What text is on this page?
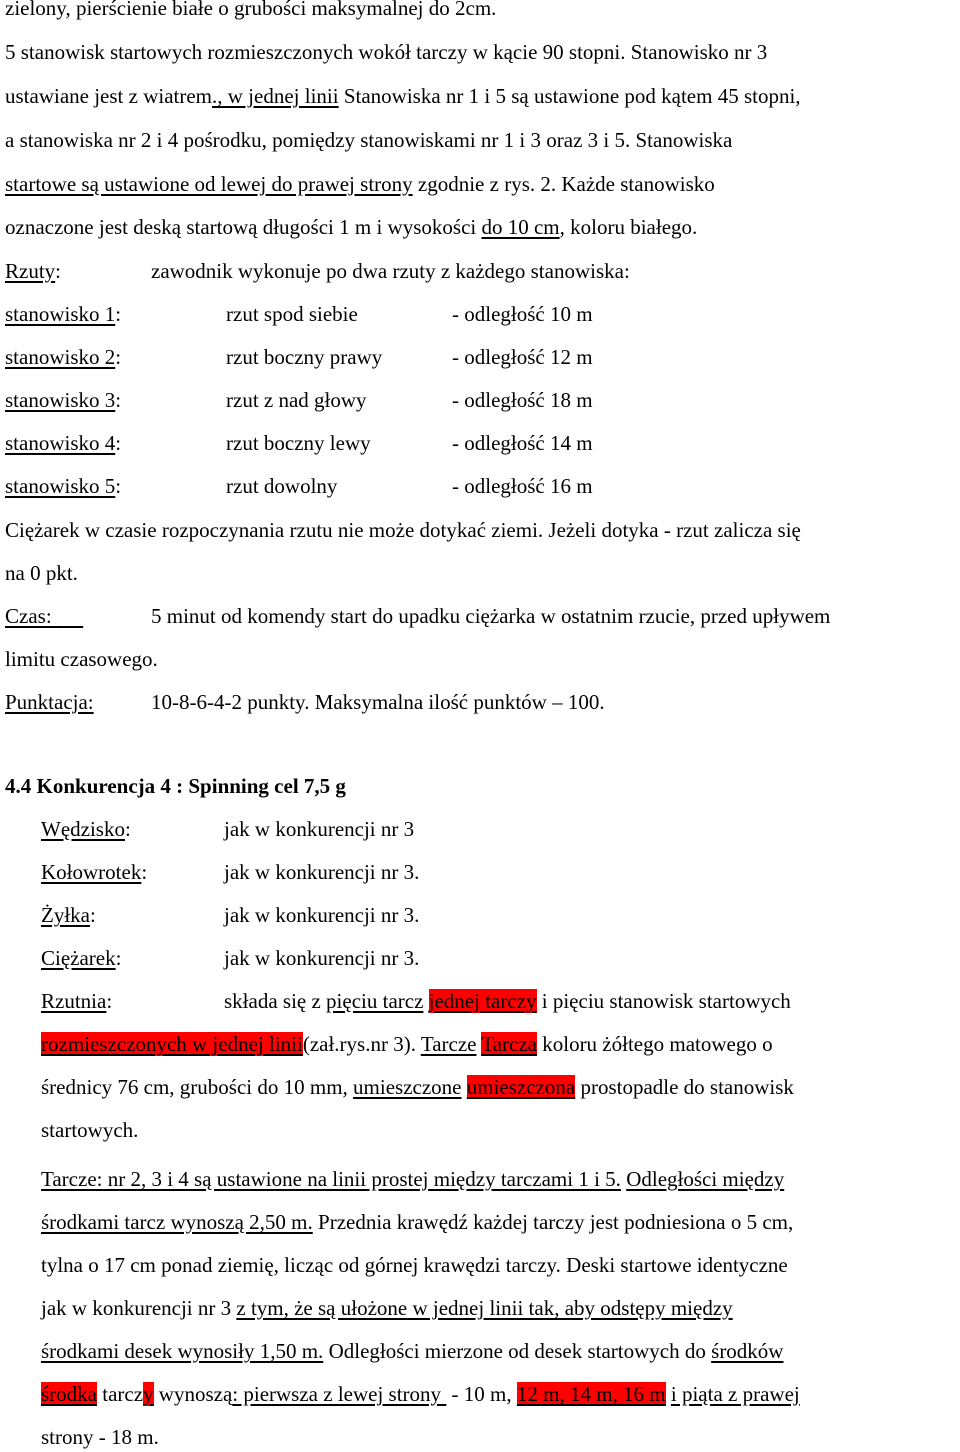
zielony, pierścienie białe o grubości maksymalnej do 2cm.
5 stanowisk startowych rozmieszczonych wokół tarczy w kącie 90 stopni. Stanowisko nr 3
ustawiane jest z wiatrem., w jednej linii Stanowiska nr 1 i 5 są ustawione pod kątem 45 stopni,
a stanowiska nr 2 i 4 pośrodku, pomiędzy stanowiskami nr 1 i 3 oraz 3 i 5. Stanowiska
startowe są ustawione od lewej do prawej strony zgodnie z rys. 2. Każde stanowisko
oznaczone jest deską startową długości 1 m i wysokości do 10 cm, koloru białego.
Rzuty:	zawodnik wykonuje po dwa rzuty z każdego stanowiska:
stanowisko 1:	rzut spod siebie	- odległość 10 m
stanowisko 2:	rzut boczny prawy	- odległość 12 m
stanowisko 3:	rzut z nad głowy	- odległość 18 m
stanowisko 4:	rzut boczny lewy	- odległość 14 m
stanowisko 5:	rzut dowolny	- odległość 16 m
Ciężarek w czasie rozpoczynania rzutu nie może dotykać ziemi. Jeżeli dotyka - rzut zalicza się
na 0 pkt.
Czas:	5 minut od komendy start do upadku ciężarka w ostatnim rzucie, przed upływem
limitu czasowego.
Punktacja:	10-8-6-4-2 punkty. Maksymalna ilość punktów – 100.
4.4 Konkurencja 4 : Spinning cel 7,5 g
Wędzisko:	jak w konkurencji nr 3
Kołowrotek:	jak w konkurencji nr 3.
Żyłka:	jak w konkurencji nr 3.
Ciężarek:	jak w konkurencji nr 3.
Rzutnia:	składa się z pięciu tarcz jednej tarczy i pięciu stanowisk startowych
rozmieszczonych w jednej linii(zał.rys.nr 3). Tarcze Tarcza koloru żółtego matowego o
średnicy 76 cm, grubości do 10 mm, umieszczone umieszczona prostopadle do stanowisk
startowych.
Tarcze: nr 2, 3 i 4 są ustawione na linii prostej między tarczami 1 i 5. Odległości między
środkami tarcz wynoszą 2,50 m. Przednia krawędź każdej tarczy jest podniesiona o 5 cm,
tylna o 17 cm ponad ziemię, licząc od górnej krawędzi tarczy. Deski startowe identyczne
jak w konkurencji nr 3 z tym, że są ułożone w jednej linii tak, aby odstępy między
środkami desek wynosiły 1,50 m. Odległości mierzone od desek startowych do środków
środka tarczy wynoszą: pierwsza z lewej strony  - 10 m, 12 m, 14 m, 16 m i piąta z prawej
strony - 18 m.
